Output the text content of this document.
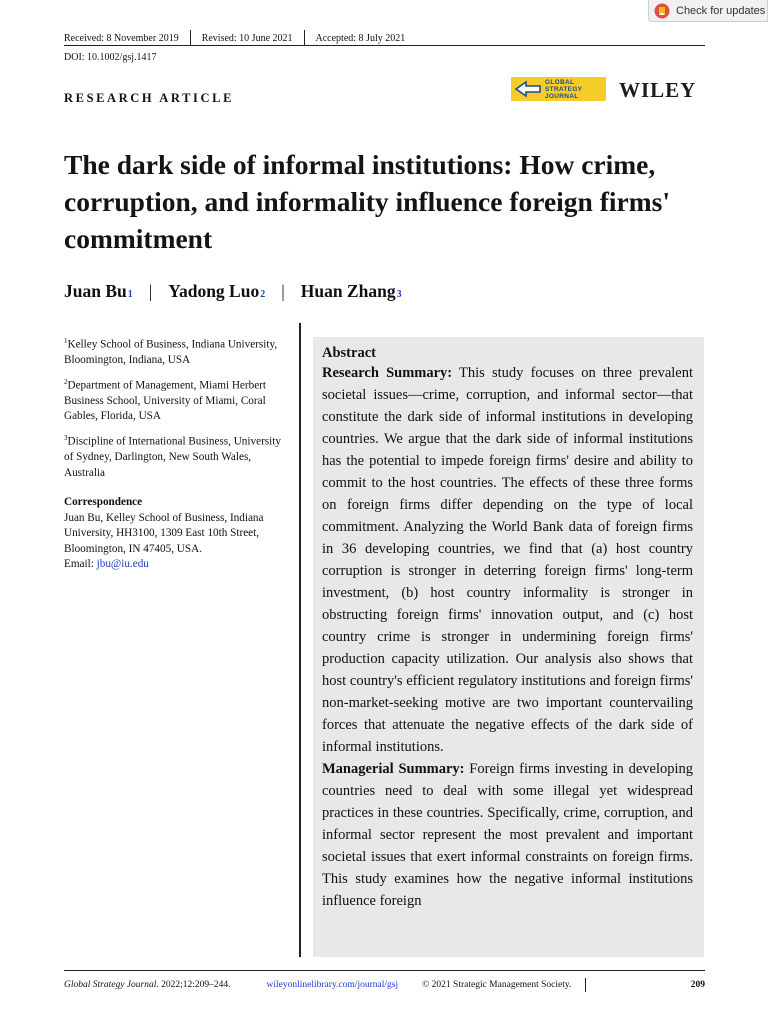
Check for updates
Received: 8 November 2019 Revised: 10 June 2021 Accepted: 8 July 2021
DOI: 10.1002/gsj.1417
RESEARCH ARTICLE
GLOBAL
STRATEGY
JOURNAL WILEY
The dark side of informal institutions: How crime, corruption, and informality influence foreign firms' commitment
Juan Bu 1 | Yadong Luo 2 | Huan Zhang 3
$^1$Kelley School of Business, Indiana University, Bloomington, Indiana, USA
$^2$Department of Management, Miami Herbert Business School, University of Miami, Coral Gables, Florida, USA
$^3$Discipline of International Business, University of Sydney, Darlington, New South Wales, Australia
Correspondence
Juan Bu, Kelley School of Business, Indiana University, HH3100, 1309 East 10th Street, Bloomington, IN 47405, USA.
Email: jbu@iu.edu
Abstract

Research Summary: This study focuses on three prevalent societal issues—crime, corruption, and informal sector—that constitute the dark side of informal institutions in developing countries. We argue that the dark side of informal institutions has the potential to impede foreign firms' desire and ability to commit to the host countries. The effects of these three forms on foreign firms differ depending on the type of local commitment. Analyzing the World Bank data of foreign firms in 36 developing countries, we find that (a) host country corruption is stronger in deterring foreign firms' long-term investment, (b) host country informality is stronger in obstructing foreign firms' innovation output, and (c) host country crime is stronger in undermining foreign firms' production capacity utilization. Our analysis also shows that host country's efficient regulatory institutions and foreign firms' non-market-seeking motive are two important countervailing forces that attenuate the negative effects of the dark side of informal institutions.

Managerial Summary: Foreign firms investing in developing countries need to deal with some illegal yet widespread practices in these countries. Specifically, crime, corruption, and informal sector represent the most prevalent and important societal issues that exert informal constraints on foreign firms. This study examines how the negative informal institutions influence foreign

Global Strategy Journal.
2022;12:209–244.	wileyonlinelibrary.com/journal/gsj	© 2021 Strategic Management Society.	209
